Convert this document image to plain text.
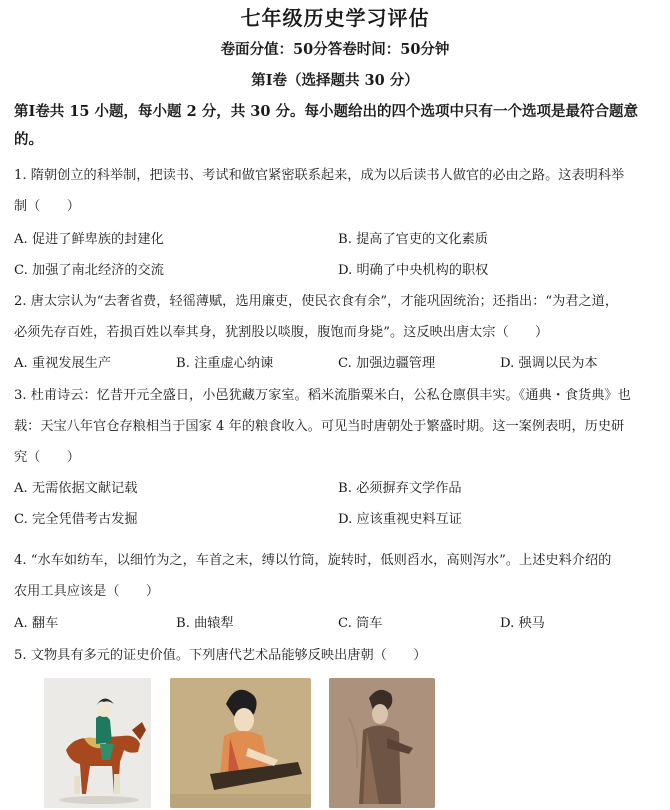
七年级历史学习评估
卷面分值：50分答卷时间：50分钟
第Ⅰ卷（选择题共 30 分）
第Ⅰ卷共 15 小题，每小题 2 分，共 30 分。每小题给出的四个选项中只有一个选项是最符合题意的。
1. 隋朝创立的科举制，把读书、考试和做官紧密联系起来，成为以后读书人做官的必由之路。这表明科举
制（　　）
A. 促进了鲜卑族的封建化	B. 提高了官吏的文化素质
C. 加强了南北经济的交流	D. 明确了中央机构的职权
2. 唐太宗认为“去奢省费，轻徭薄赋，选用廉吏，使民衣食有余”，才能巩固统治；还指出：“为君之道，
必须先存百姓，若损百姓以奉其身，犹割股以啖腹，腹饱而身毙”。这反映出唐太宗（　　）
A. 重视发展生产	B. 注重虚心纳谏	C. 加强边疆管理	D. 强调以民为本
3. 杜甫诗云：忆昔开元全盛日，小邑犹藏万家室。稻米流脂粟米白，公私仓廪俱丰实。《通典・食货典》也
载：天宝八年官仓存粮相当于国家 4 年的粮食收入。可见当时唐朝处于繁盛时期。这一案例表明，历史研
究（　　）
A. 无需依据文献记载	B. 必须摒弃文学作品
C. 完全凭借考古发掘	D. 应该重视史料互证
4. “水车如纺车，以细竹为之，车首之末，缚以竹筒，旋转时，低则舀水，高则泻水”。上述史料介绍的
农用工具应该是（　　）
A. 翻车	B. 曲辕犁	C. 筒车	D. 秧马
5. 文物具有多元的证史价值。下列唐代艺术品能够反映出唐朝（　　）
